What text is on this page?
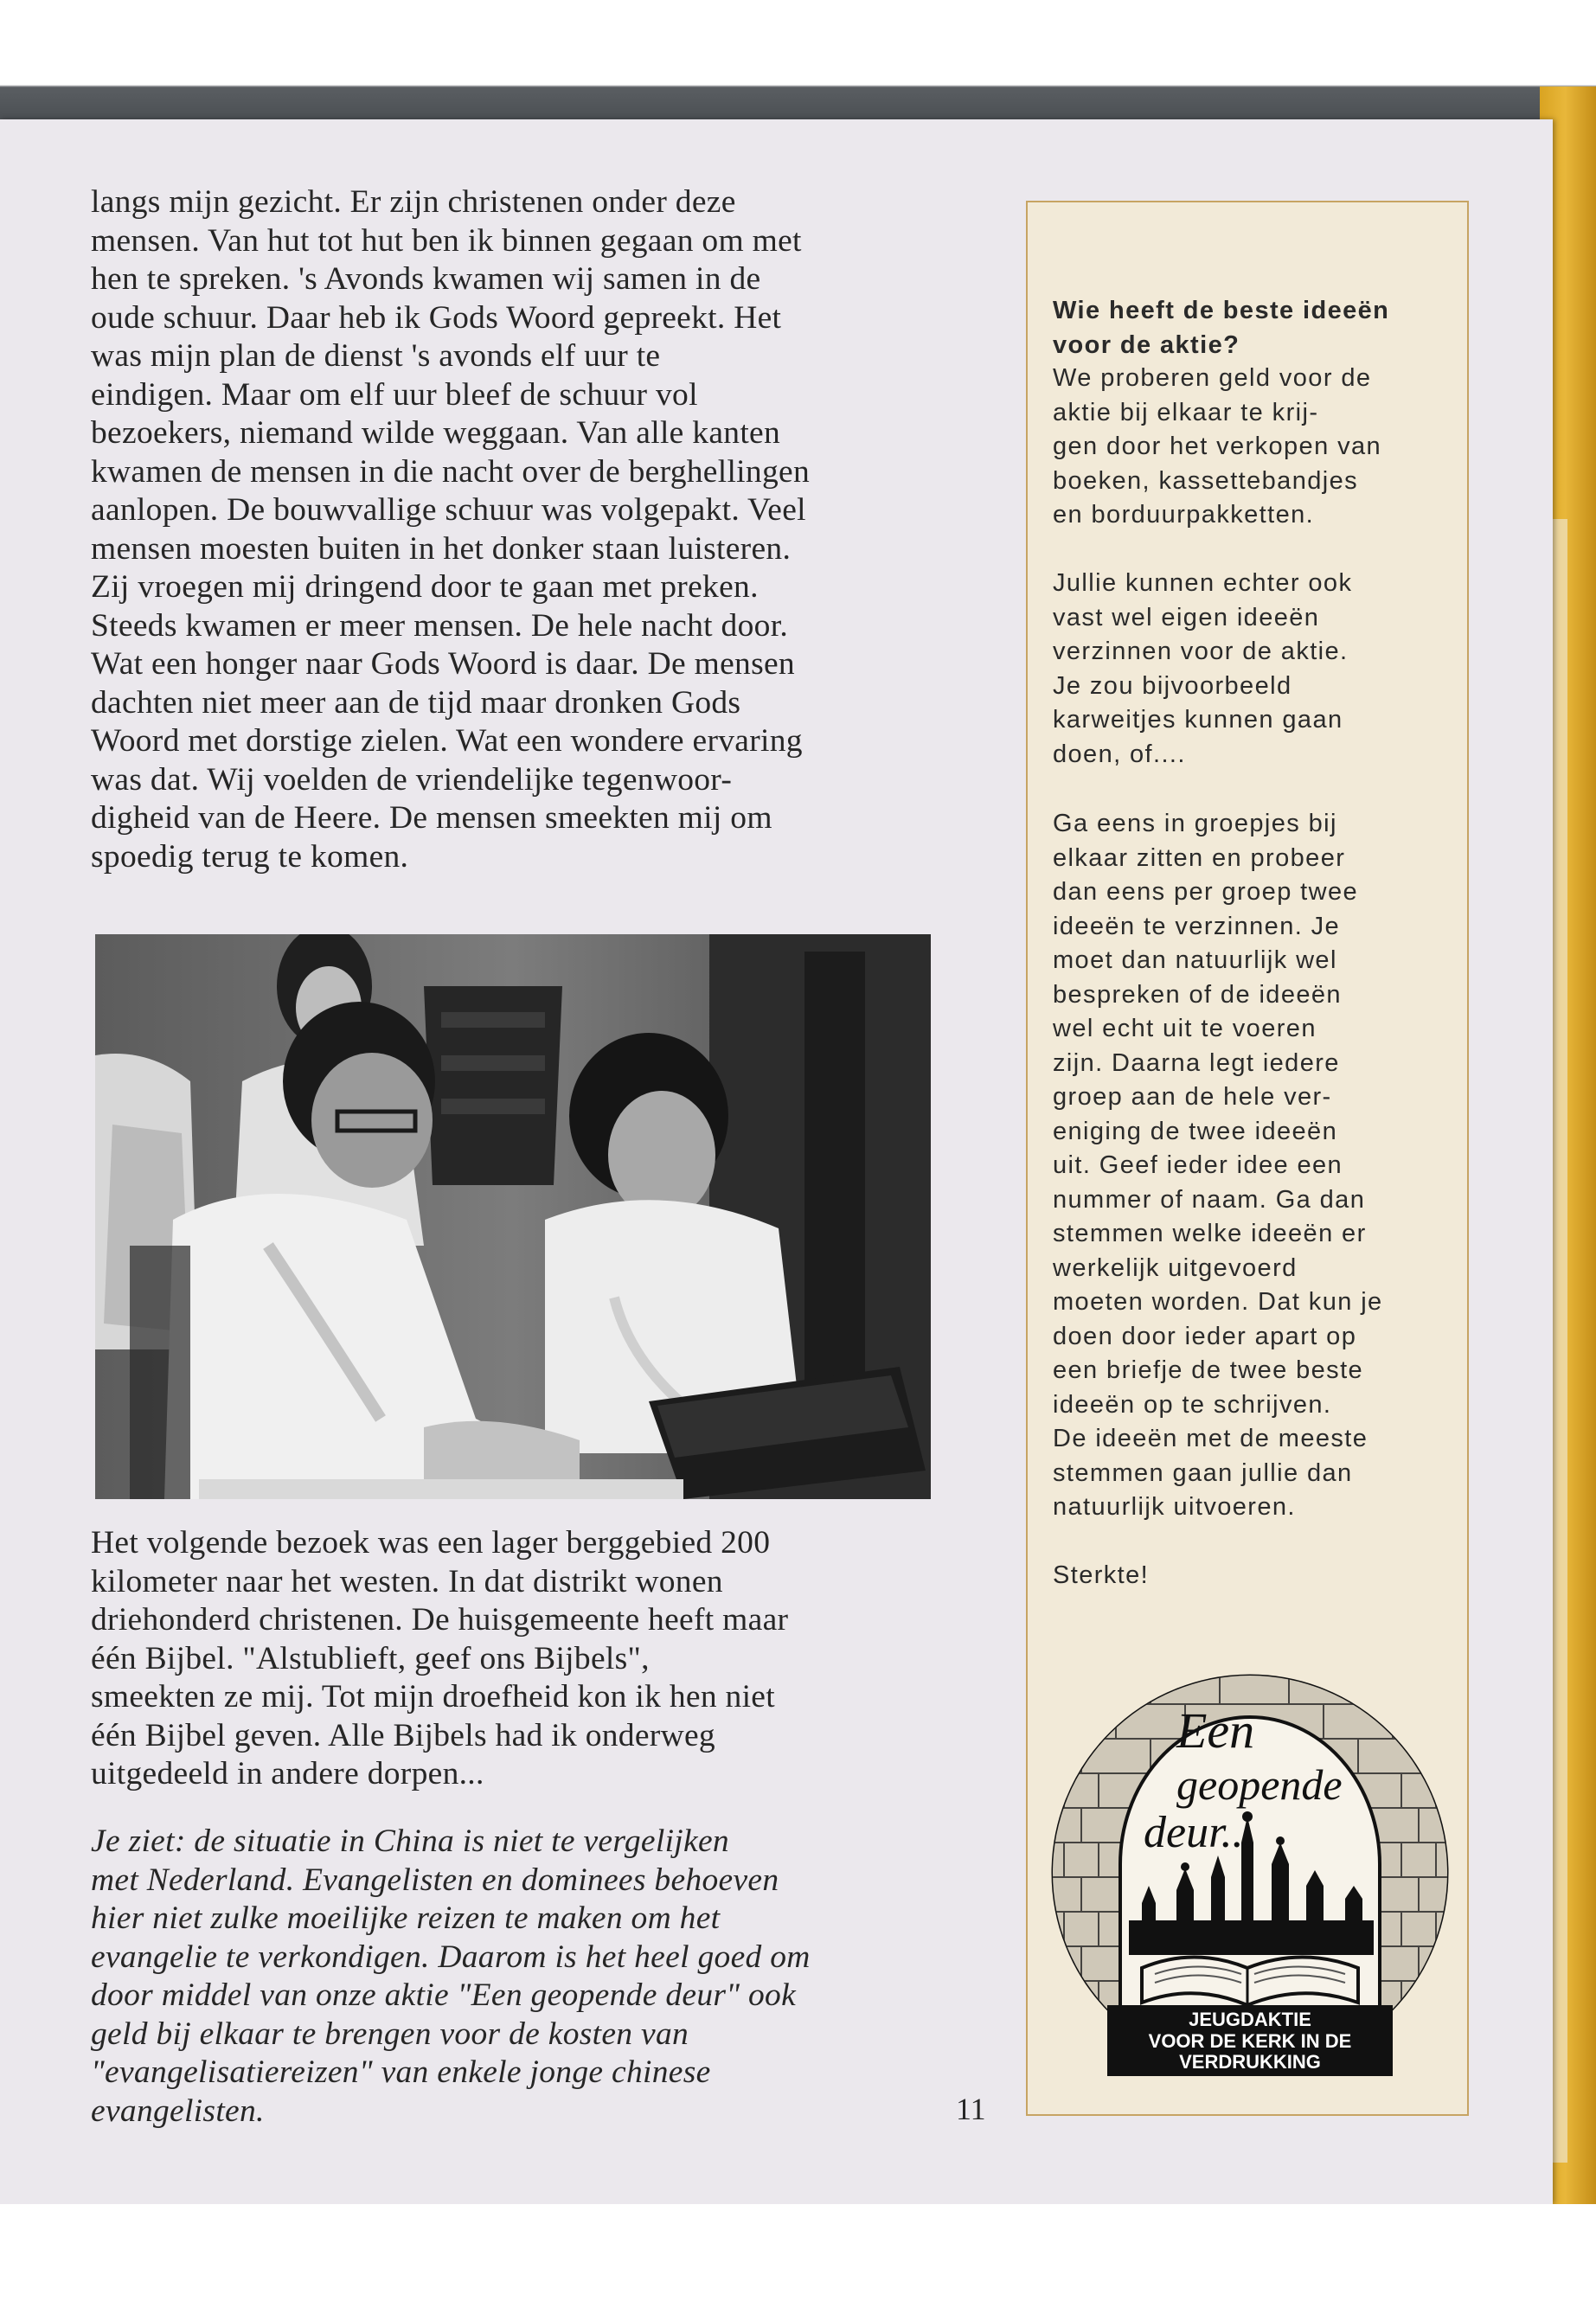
langs mijn gezicht. Er zijn christenen onder deze
mensen. Van hut tot hut ben ik binnen gegaan om met
hen te spreken. 's Avonds kwamen wij samen in de
oude schuur. Daar heb ik Gods Woord gepreekt. Het
was mijn plan de dienst 's avonds elf uur te
eindigen. Maar om elf uur bleef de schuur vol
bezoekers, niemand wilde weggaan. Van alle kanten
kwamen de mensen in die nacht over de berghellingen
aanlopen. De bouwvallige schuur was volgepakt. Veel
mensen moesten buiten in het donker staan luisteren.
Zij vroegen mij dringend door te gaan met preken.
Steeds kwamen er meer mensen. De hele nacht door.
Wat een honger naar Gods Woord is daar. De mensen
dachten niet meer aan de tijd maar dronken Gods
Woord met dorstige zielen. Wat een wondere ervaring
was dat. Wij voelden de vriendelijke tegenwoor-
digheid van de Heere. De mensen smeekten mij om
spoedig terug te komen.
Het volgende bezoek was een lager berggebied 200
kilometer naar het westen. In dat distrikt wonen
driehonderd christenen. De huisgemeente heeft maar
één Bijbel. "Alstublieft, geef ons Bijbels",
smeekten ze mij. Tot mijn droefheid kon ik hen niet
één Bijbel geven. Alle Bijbels had ik onderweg
uitgedeeld in andere dorpen...
Je ziet: de situatie in China is niet te vergelijken
met Nederland. Evangelisten en dominees behoeven
hier niet zulke moeilijke reizen te maken om het
evangelie te verkondigen. Daarom is het heel goed om
door middel van onze aktie "Een geopende deur" ook
geld bij elkaar te brengen voor de kosten van
"evangelisatiereizen" van enkele jonge chinese
evangelisten.	11
Wie heeft de beste ideeën
voor de aktie?
We proberen geld voor de
aktie bij elkaar te krij-
gen door het verkopen van
boeken, kassettebandjes
en borduurpakketten.
Jullie kunnen echter ook
vast wel eigen ideeën
verzinnen voor de aktie.
Je zou bijvoorbeeld
karweitjes kunnen gaan
doen, of....
Ga eens in groepjes bij
elkaar zitten en probeer
dan eens per groep twee
ideeën te verzinnen. Je
moet dan natuurlijk wel
bespreken of de ideeën
wel echt uit te voeren
zijn. Daarna legt iedere
groep aan de hele ver-
eniging de twee ideeën
uit. Geef ieder idee een
nummer of naam. Ga dan
stemmen welke ideeën er
werkelijk uitgevoerd
moeten worden. Dat kun je
doen door ieder apart op
een briefje de twee beste
ideeën op te schrijven.
De ideeën met de meeste
stemmen gaan jullie dan
natuurlijk uitvoeren.
Sterkte!
Een
geopende
deur...
JEUGDAKTIE
VOOR DE KERK IN DE
VERDRUKKING
